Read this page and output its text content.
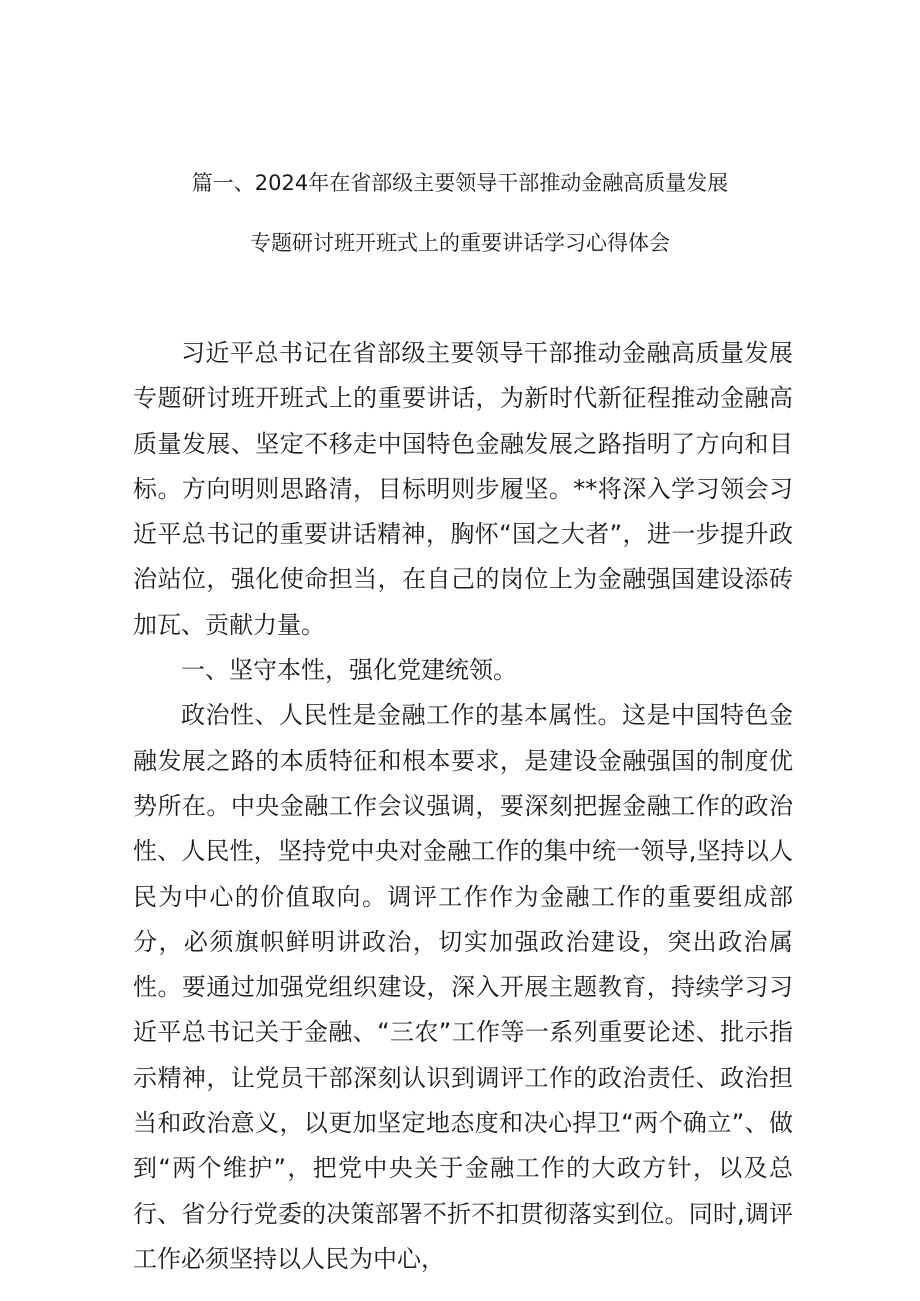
篇一、2024年在省部级主要领导干部推动金融高质量发展
专题研讨班开班式上的重要讲话学习心得体会

习近平总书记在省部级主要领导干部推动金融高质量发展专题研讨班开班式上的重要讲话，为新时代新征程推动金融高质量发展、坚定不移走中国特色金融发展之路指明了方向和目标。方向明则思路清，目标明则步履坚。**将深入学习领会习近平总书记的重要讲话精神，胸怀“国之大者”，进一步提升政治站位，强化使命担当，在自己的岗位上为金融强国建设添砖加瓦、贡献力量。

一、坚守本性，强化党建统领。

政治性、人民性是金融工作的基本属性。这是中国特色金融发展之路的本质特征和根本要求，是建设金融强国的制度优势所在。中央金融工作会议强调，要深刻把握金融工作的政治性、人民性，坚持党中央对金融工作的集中统一领导,坚持以人民为中心的价值取向。调评工作作为金融工作的重要组成部分，必须旗帜鲜明讲政治，切实加强政治建设，突出政治属性。要通过加强党组织建设，深入开展主题教育，持续学习习近平总书记关于金融、“三农”工作等一系列重要论述、批示指示精神，让党员干部深刻认识到调评工作的政治责任、政治担当和政治意义，以更加坚定地态度和决心捍卫“两个确立”、做到“两个维护”，把党中央关于金融工作的大政方针，以及总行、省分行党委的决策部署不折不扣贯彻落实到位。同时,调评工作必须坚持以人民为中心，
